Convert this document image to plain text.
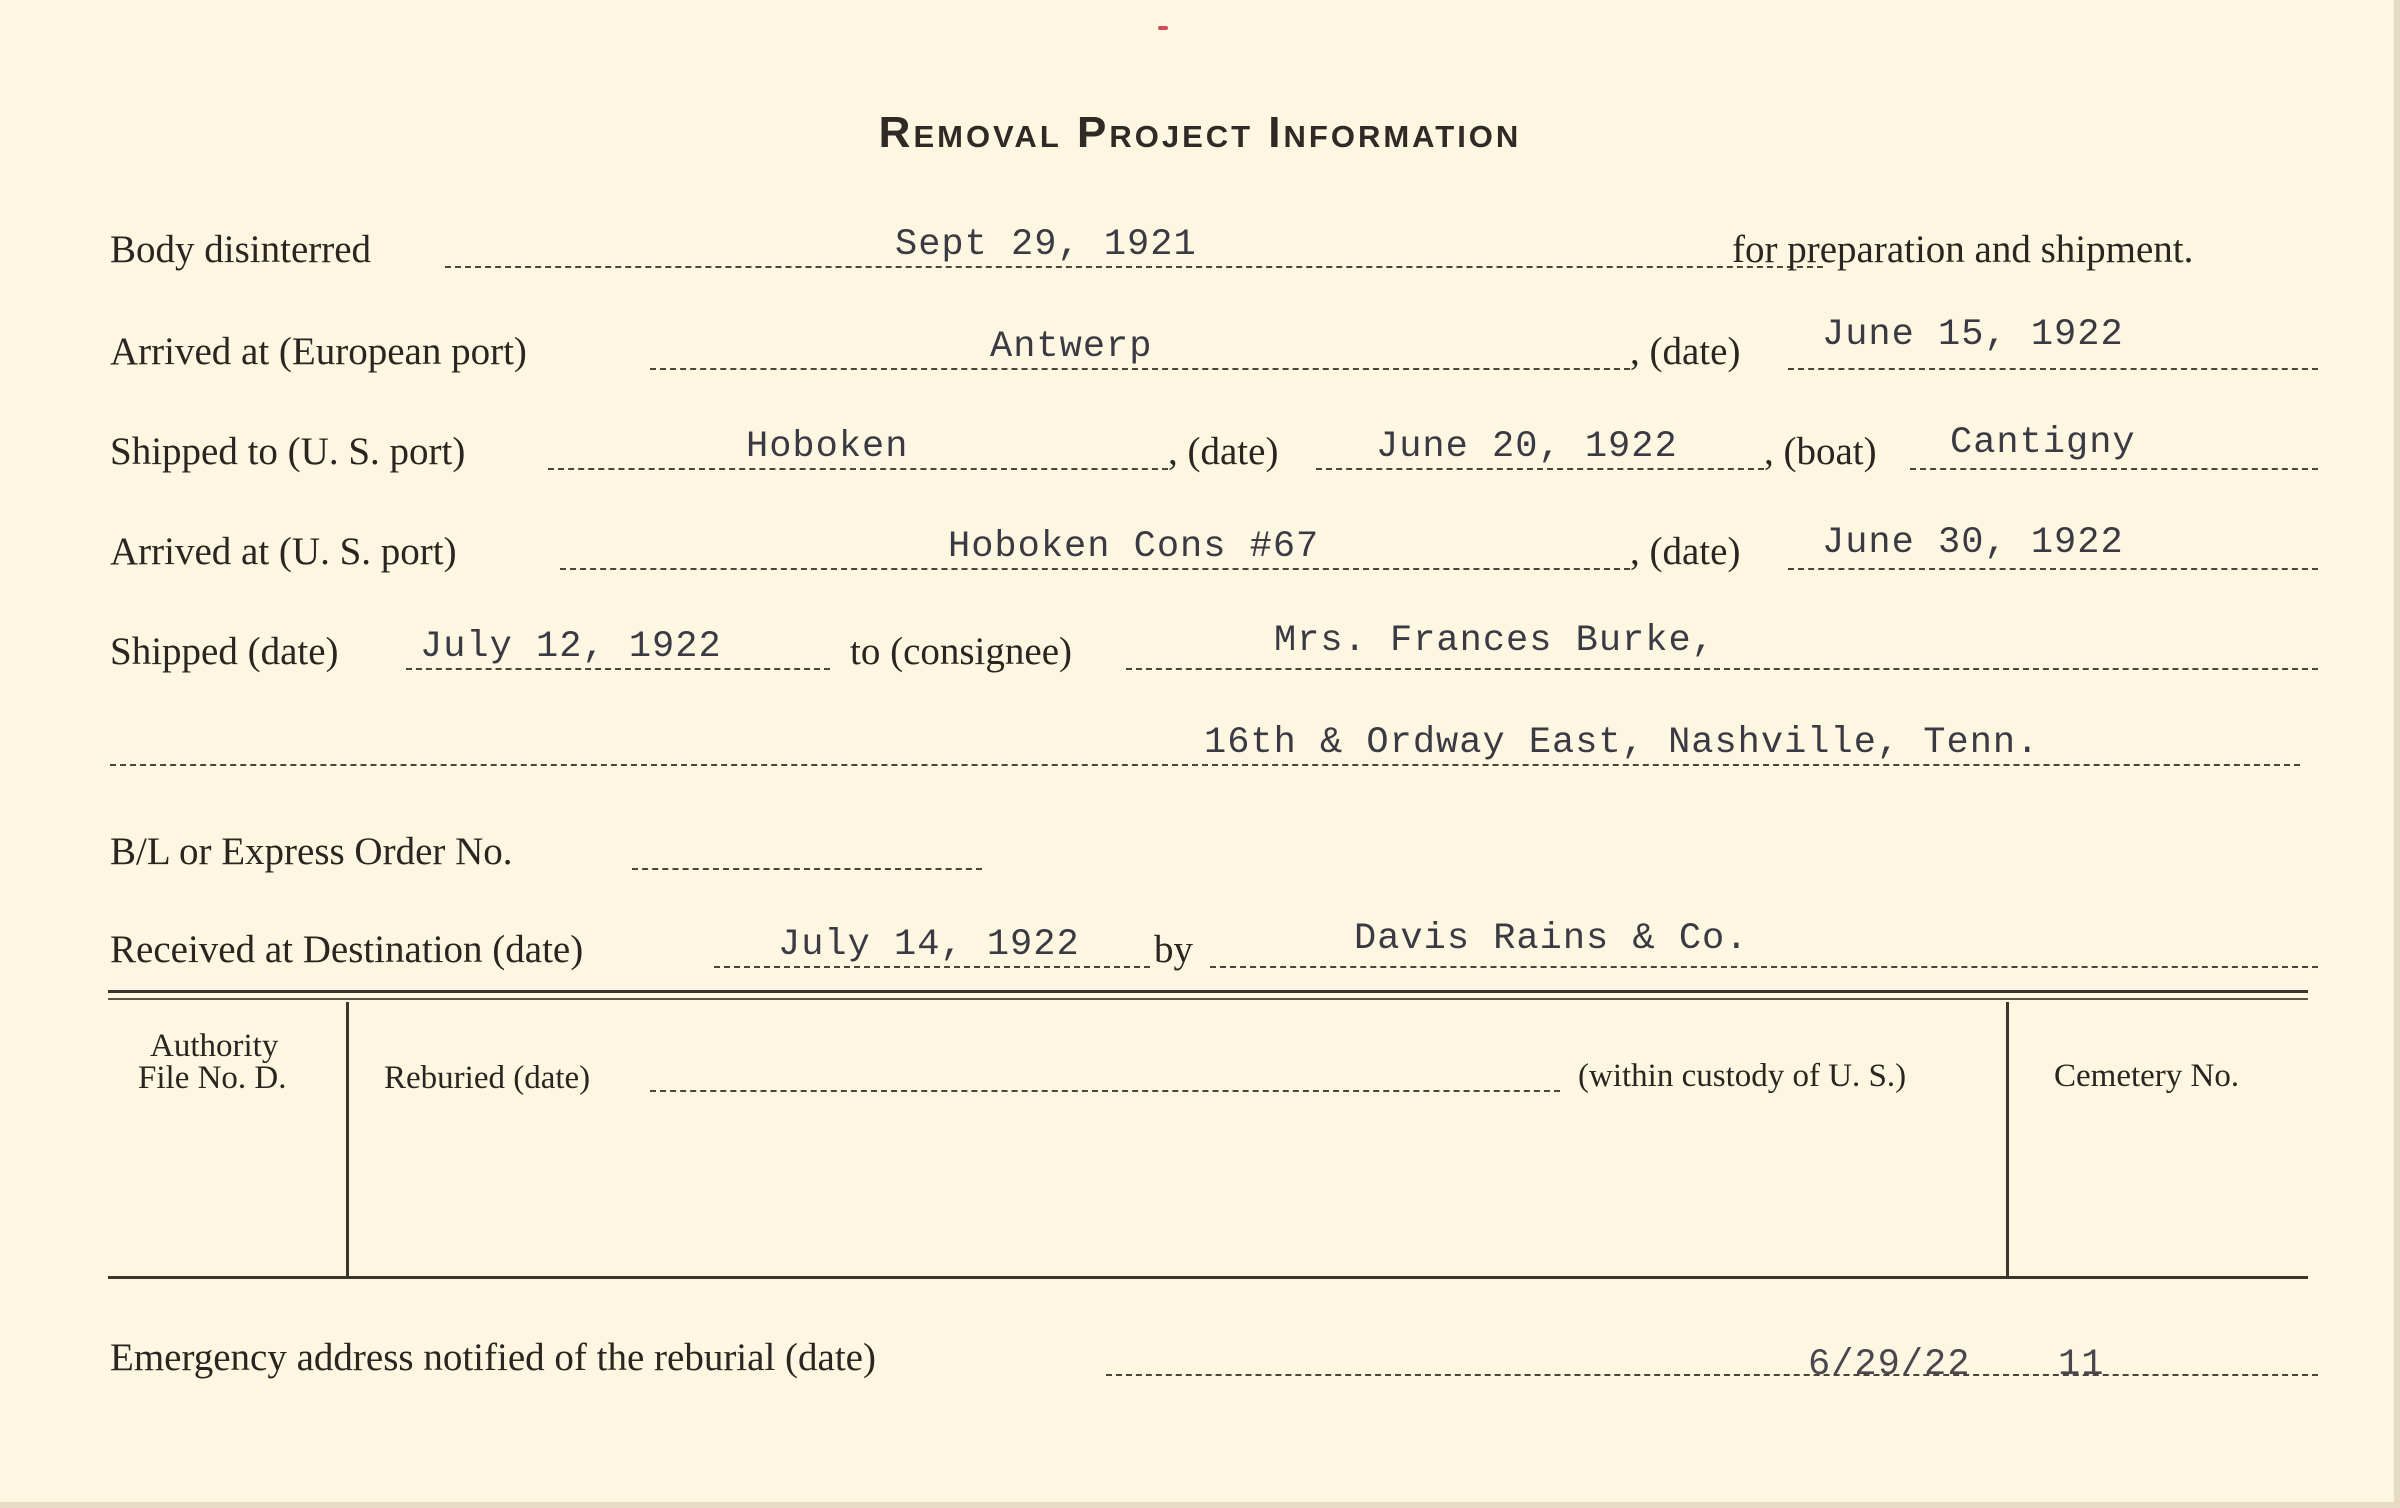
Removal Project Information
Body disinterred	Sept 29, 1921	for preparation and shipment.
Arrived at (European port)	Antwerp	, (date) June 15, 1922
Shipped to (U. S. port)	Hoboken	, (date)	June 20, 1922 , (boat) Cantigny
Arrived at (U. S. port)	Hoboken Cons #67	, (date) June 30, 1922
Shipped (date) July 12, 1922	to (consignee)	Mrs. Frances Burke,
16th & Ordway East, Nashville, Tenn.
B/L or Express Order No.
Received at Destination (date)	July 14, 1922 by	Davis Rains & Co.
Authority
File No. D.	Reburied (date)	(within custody of U. S.)	Cemetery No.
Emergency address notified of the reburial (date)	6/29/22 11
